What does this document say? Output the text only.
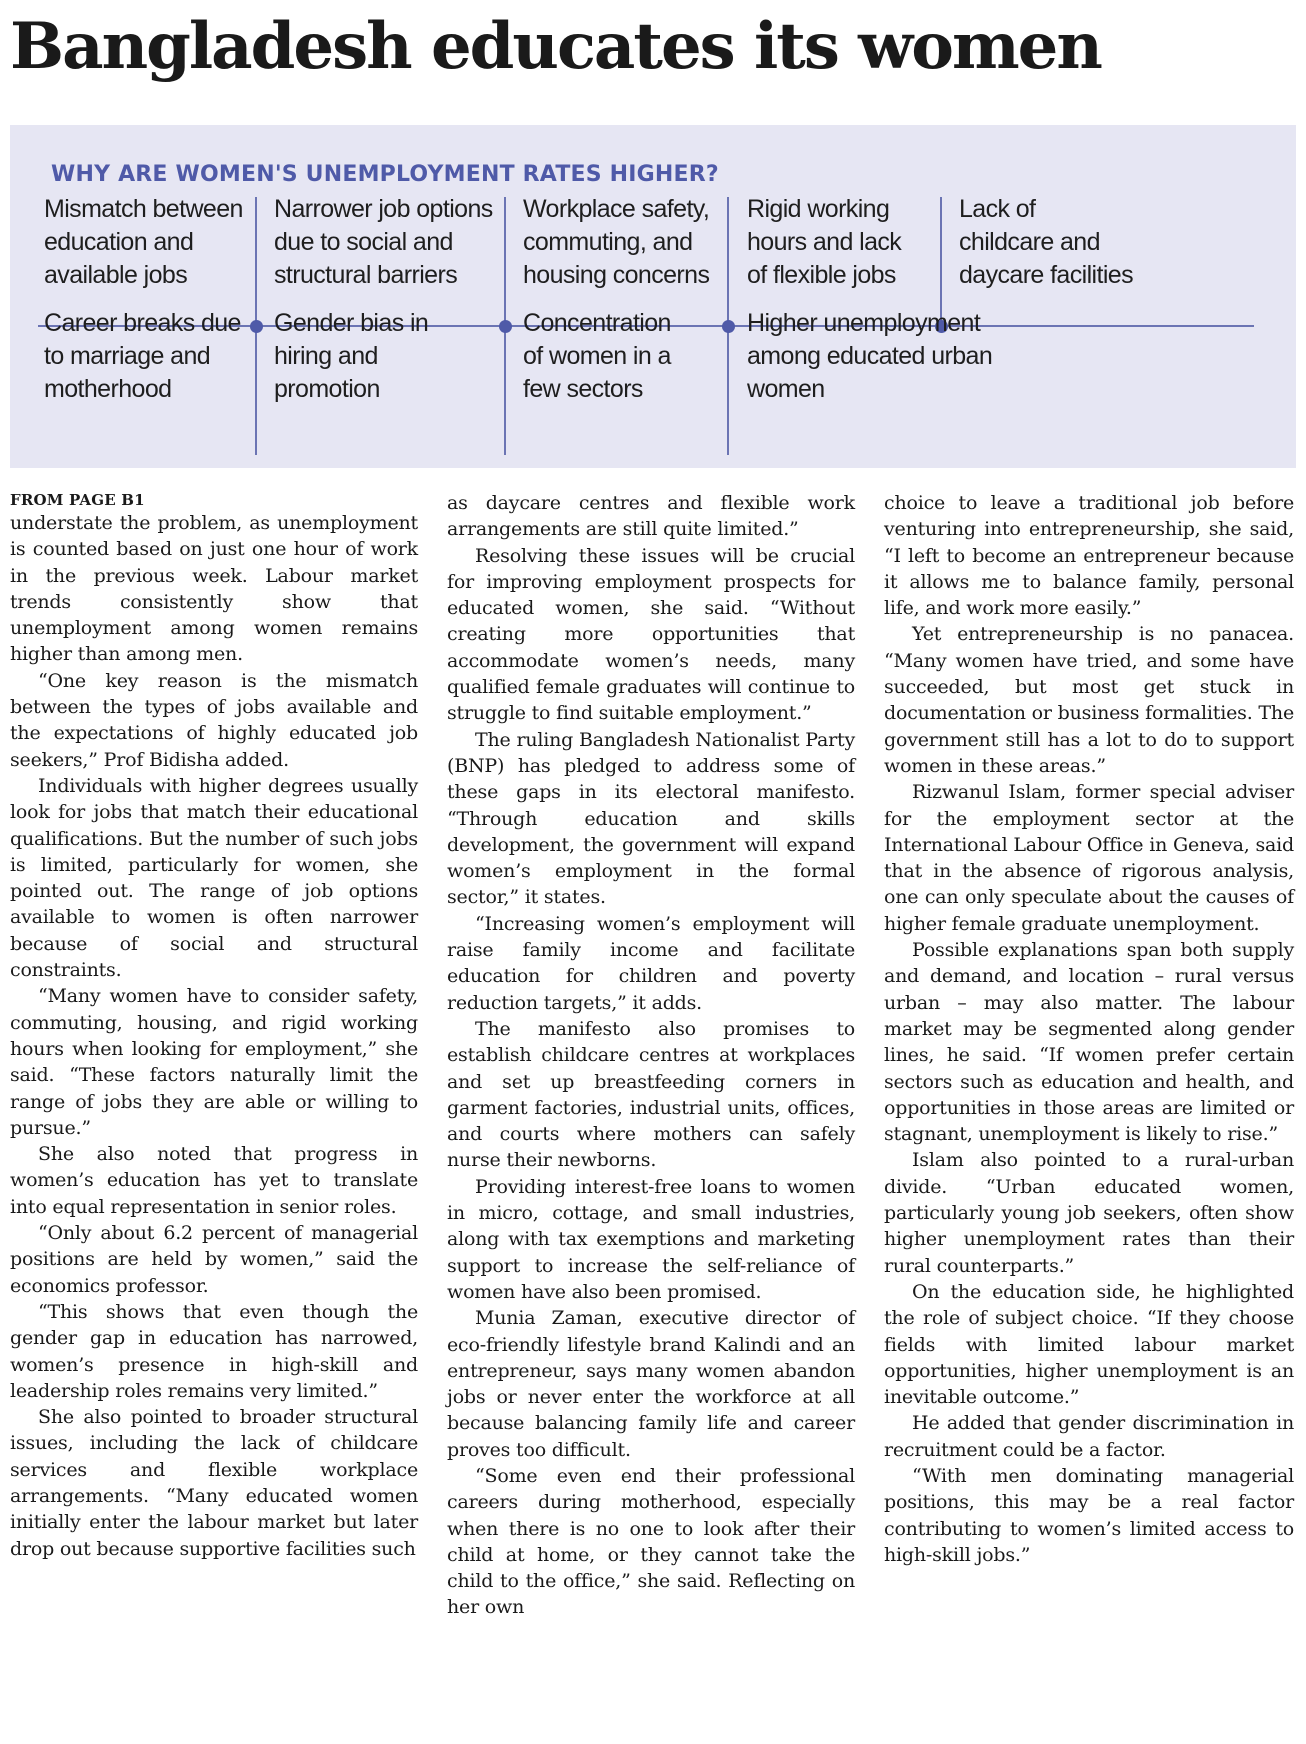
Bangladesh educates its women
WHY ARE WOMEN'S UNEMPLOYMENT RATES HIGHER?
Mismatch between education and available jobs
Narrower job options due to social and structural barriers
Workplace safety, commuting, and housing concerns
Rigid working hours and lack of flexible jobs
Lack of childcare and daycare facilities
Career breaks due to marriage and motherhood
Gender bias in hiring and promotion
Concentration of women in a few sectors
Higher unemployment among educated urban women
FROM PAGE B1

understate the problem, as unemployment is counted based on just one hour of work in the previous week. Labour market trends consistently show that unemployment among women remains higher than among men.

“One key reason is the mismatch between the types of jobs available and the expectations of highly educated job seekers,” Prof Bidisha added.

Individuals with higher degrees usually look for jobs that match their educational qualifications. But the number of such jobs is limited, particularly for women, she pointed out. The range of job options available to women is often narrower because of social and structural constraints.

“Many women have to consider safety, commuting, housing, and rigid working hours when looking for employment,” she said. “These factors naturally limit the range of jobs they are able or willing to pursue.”

She also noted that progress in women’s education has yet to translate into equal representation in senior roles.

“Only about 6.2 percent of managerial positions are held by women,” said the economics professor.

“This shows that even though the gender gap in education has narrowed, women’s presence in high-skill and leadership roles remains very limited.”

She also pointed to broader structural issues, including the lack of childcare services and flexible workplace arrangements. “Many educated women initially enter the labour market but later drop out because supportive facilities such

as daycare centres and flexible work arrangements are still quite limited.”

Resolving these issues will be crucial for improving employment prospects for educated women, she said. “Without creating more opportunities that accommodate women’s needs, many qualified female graduates will continue to struggle to find suitable employment.”

The ruling Bangladesh Nationalist Party (BNP) has pledged to address some of these gaps in its electoral manifesto. “Through education and skills development, the government will expand women’s employment in the formal sector,” it states.

“Increasing women’s employment will raise family income and facilitate education for children and poverty reduction targets,” it adds.

The manifesto also promises to establish childcare centres at workplaces and set up breastfeeding corners in garment factories, industrial units, offices, and courts where mothers can safely nurse their newborns.

Providing interest-free loans to women in micro, cottage, and small industries, along with tax exemptions and marketing support to increase the self-reliance of women have also been promised.

Munia Zaman, executive director of eco-friendly lifestyle brand Kalindi and an entrepreneur, says many women abandon jobs or never enter the workforce at all because balancing family life and career proves too difficult.

“Some even end their professional careers during motherhood, especially when there is no one to look after their child at home, or they cannot take the child to the office,” she said. Reflecting on her own

choice to leave a traditional job before venturing into entrepreneurship, she said, “I left to become an entrepreneur because it allows me to balance family, personal life, and work more easily.”

Yet entrepreneurship is no panacea. “Many women have tried, and some have succeeded, but most get stuck in documentation or business formalities. The government still has a lot to do to support women in these areas.”

Rizwanul Islam, former special adviser for the employment sector at the International Labour Office in Geneva, said that in the absence of rigorous analysis, one can only speculate about the causes of higher female graduate unemployment.

Possible explanations span both supply and demand, and location – rural versus urban – may also matter. The labour market may be segmented along gender lines, he said. “If women prefer certain sectors such as education and health, and opportunities in those areas are limited or stagnant, unemployment is likely to rise.”

Islam also pointed to a rural-urban divide. “Urban educated women, particularly young job seekers, often show higher unemployment rates than their rural counterparts.”

On the education side, he highlighted the role of subject choice. “If they choose fields with limited labour market opportunities, higher unemployment is an inevitable outcome.”

He added that gender discrimination in recruitment could be a factor.

“With men dominating managerial positions, this may be a real factor contributing to women’s limited access to high-skill jobs.”
